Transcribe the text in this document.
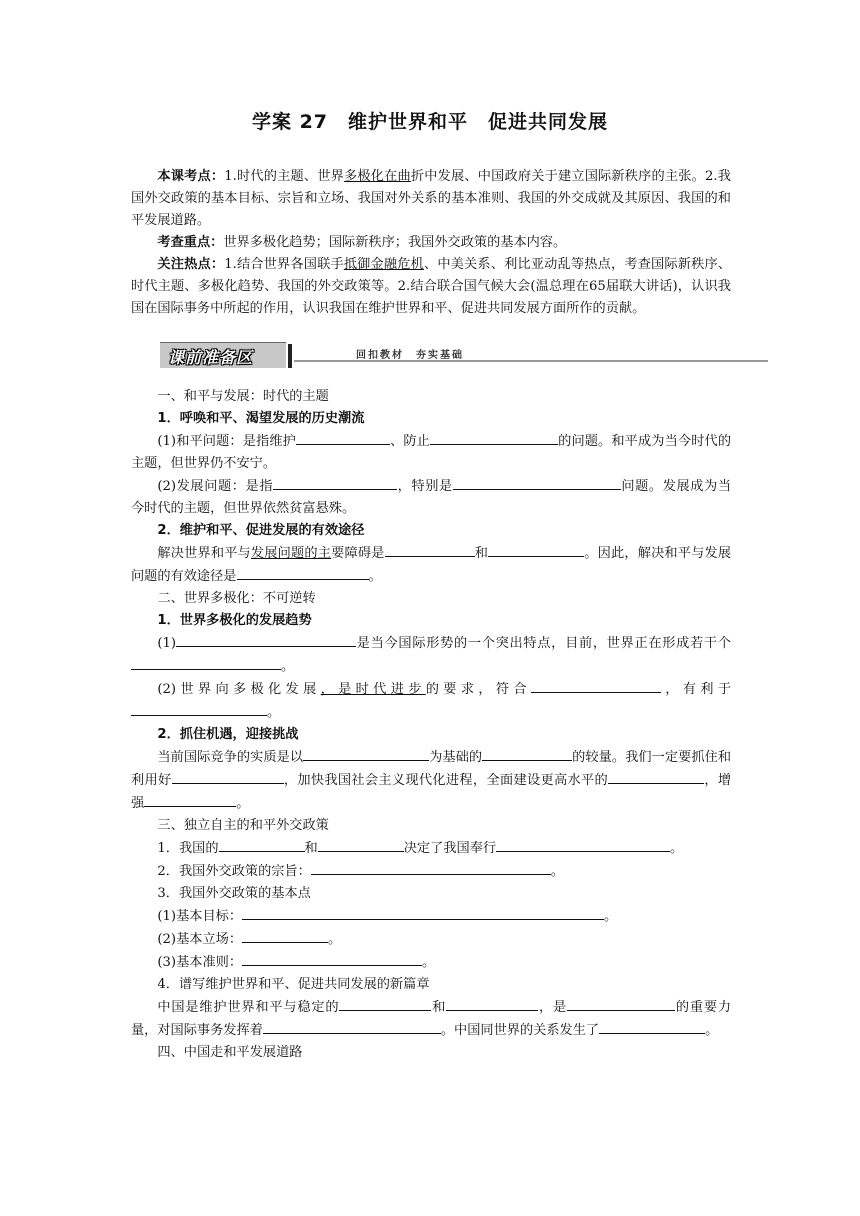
学案 27　维护世界和平　促进共同发展

本课考点：1.时代的主题、世界多极化在曲折中发展、中国政府关于建立国际新秩序的主张。2.我国外交政策的基本目标、宗旨和立场、我国对外关系的基本准则、我国的外交成就及其原因、我国的和平发展道路。

考查重点：世界多极化趋势；国际新秩序；我国外交政策的基本内容。

关注热点：1.结合世界各国联手抵御金融危机、中美关系、利比亚动乱等热点，考查国际新秩序、时代主题、多极化趋势、我国的外交政策等。2.结合联合国气候大会(温总理在65届联大讲话)，认识我国在国际事务中所起的作用，认识我国在维护世界和平、促进共同发展方面所作的贡献。

课前准备区	回扣教材　夯实基础

一、和平与发展：时代的主题

1．呼唤和平、渴望发展的历史潮流

(1)和平问题：是指维护	、防止	的问题。和平成为当今时代的主题，但世界仍不安宁。

(2)发展问题：是指	，特别是	问题。发展成为当今时代的主题，但世界依然贫富悬殊。

2．维护和平、促进发展的有效途径

解决世界和平与发展问题的主要障碍是	和	。因此，解决和平与发展问题的有效途径是	。

二、世界多极化：不可逆转

1．世界多极化的发展趋势

(1)	是当今国际形势的一个突出特点，目前，世界正在形成若干个。

(2)世界向多极化发展，是时代进步的要求，符合	，有利于。

2．抓住机遇，迎接挑战

当前国际竞争的实质是以	为基础的	的较量。我们一定要抓住和利用好	，加快我国社会主义现代化进程，全面建设更高水平的	，增强	。

三、独立自主的和平外交政策

1．我国的	和	决定了我国奉行	。

2．我国外交政策的宗旨：	。

3．我国外交政策的基本点

(1)基本目标：	。

(2)基本立场：	。

(3)基本准则：	。

4．谱写维护世界和平、促进共同发展的新篇章

中国是维护世界和平与稳定的	和	，是	的重要力量，对国际事务发挥着	。中国同世界的关系发生了	。

四、中国走和平发展道路
